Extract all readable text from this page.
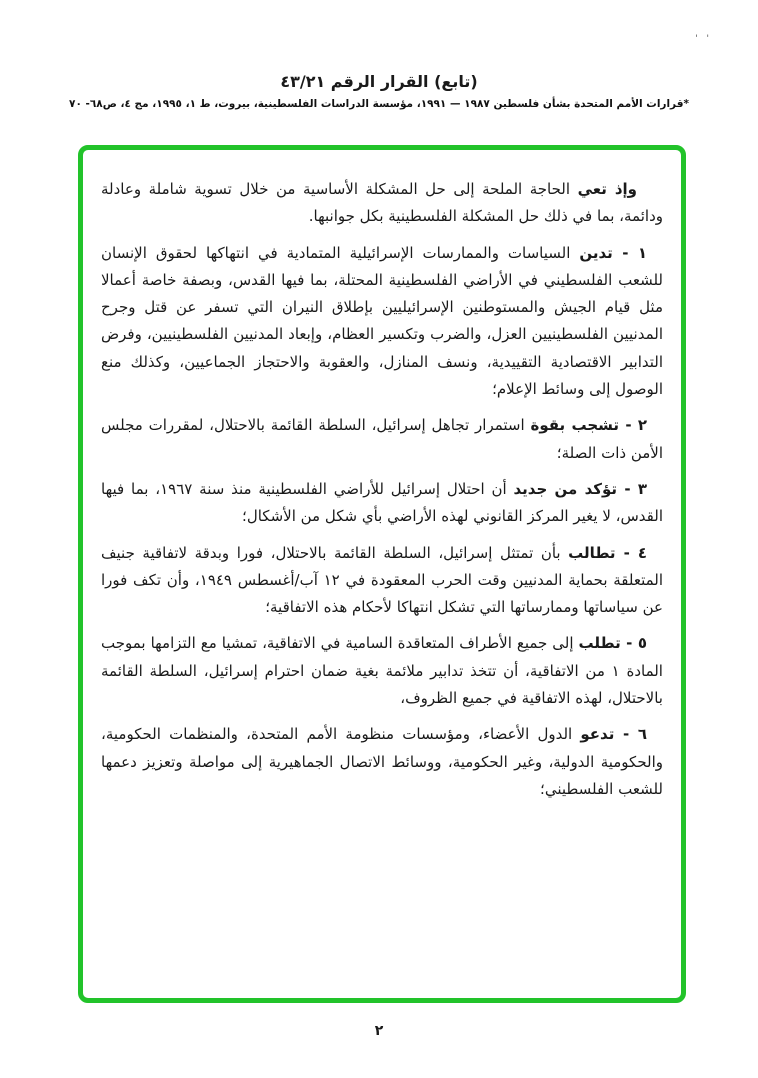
' '

(تابع) القرار الرقم ٤٣/٢١

*قرارات الأمم المتحدة بشأن فلسطين ١٩٨٧ — ١٩٩١، مؤسسة الدراسات الفلسطينية، بيروت، ط ١، ١٩٩٥، مج ٤، ص٦٨- ٧٠

وإذ تعي الحاجة الملحة إلى حل المشكلة الأساسية من خلال تسوية شاملة وعادلة ودائمة، بما في ذلك حل المشكلة الفلسطينية بكل جوانبها.

١ - تدين السياسات والممارسات الإسرائيلية المتمادية في انتهاكها لحقوق الإنسان للشعب الفلسطيني في الأراضي الفلسطينية المحتلة، بما فيها القدس، وبصفة خاصة أعمالا مثل قيام الجيش والمستوطنين الإسرائيليين بإطلاق النيران التي تسفر عن قتل وجرح المدنيين الفلسطينيين العزل، والضرب وتكسير العظام، وإبعاد المدنيين الفلسطينيين، وفرض التدابير الاقتصادية التقييدية، ونسف المنازل، والعقوبة والاحتجاز الجماعيين، وكذلك منع الوصول إلى وسائط الإعلام؛

٢ - تشجب بقوة استمرار تجاهل إسرائيل، السلطة القائمة بالاحتلال، لمقررات مجلس الأمن ذات الصلة؛

٣ - تؤكد من جديد أن احتلال إسرائيل للأراضي الفلسطينية منذ سنة ١٩٦٧، بما فيها القدس، لا يغير المركز القانوني لهذه الأراضي بأي شكل من الأشكال؛

٤ - تطالب بأن تمتثل إسرائيل، السلطة القائمة بالاحتلال، فورا وبدقة لاتفاقية جنيف المتعلقة بحماية المدنيين وقت الحرب المعقودة في ١٢ آب/أغسطس ١٩٤٩، وأن تكف فورا عن سياساتها وممارساتها التي تشكل انتهاكا لأحكام هذه الاتفاقية؛

٥ - تطلب إلى جميع الأطراف المتعاقدة السامية في الاتفاقية، تمشيا مع التزامها بموجب المادة ١ من الاتفاقية، أن تتخذ تدابير ملائمة بغية ضمان احترام إسرائيل، السلطة القائمة بالاحتلال، لهذه الاتفاقية في جميع الظروف،

٦ - تدعو الدول الأعضاء، ومؤسسات منظومة الأمم المتحدة، والمنظمات الحكومية، والحكومية الدولية، وغير الحكومية، ووسائط الاتصال الجماهيرية إلى مواصلة وتعزيز دعمها للشعب الفلسطيني؛

٢
